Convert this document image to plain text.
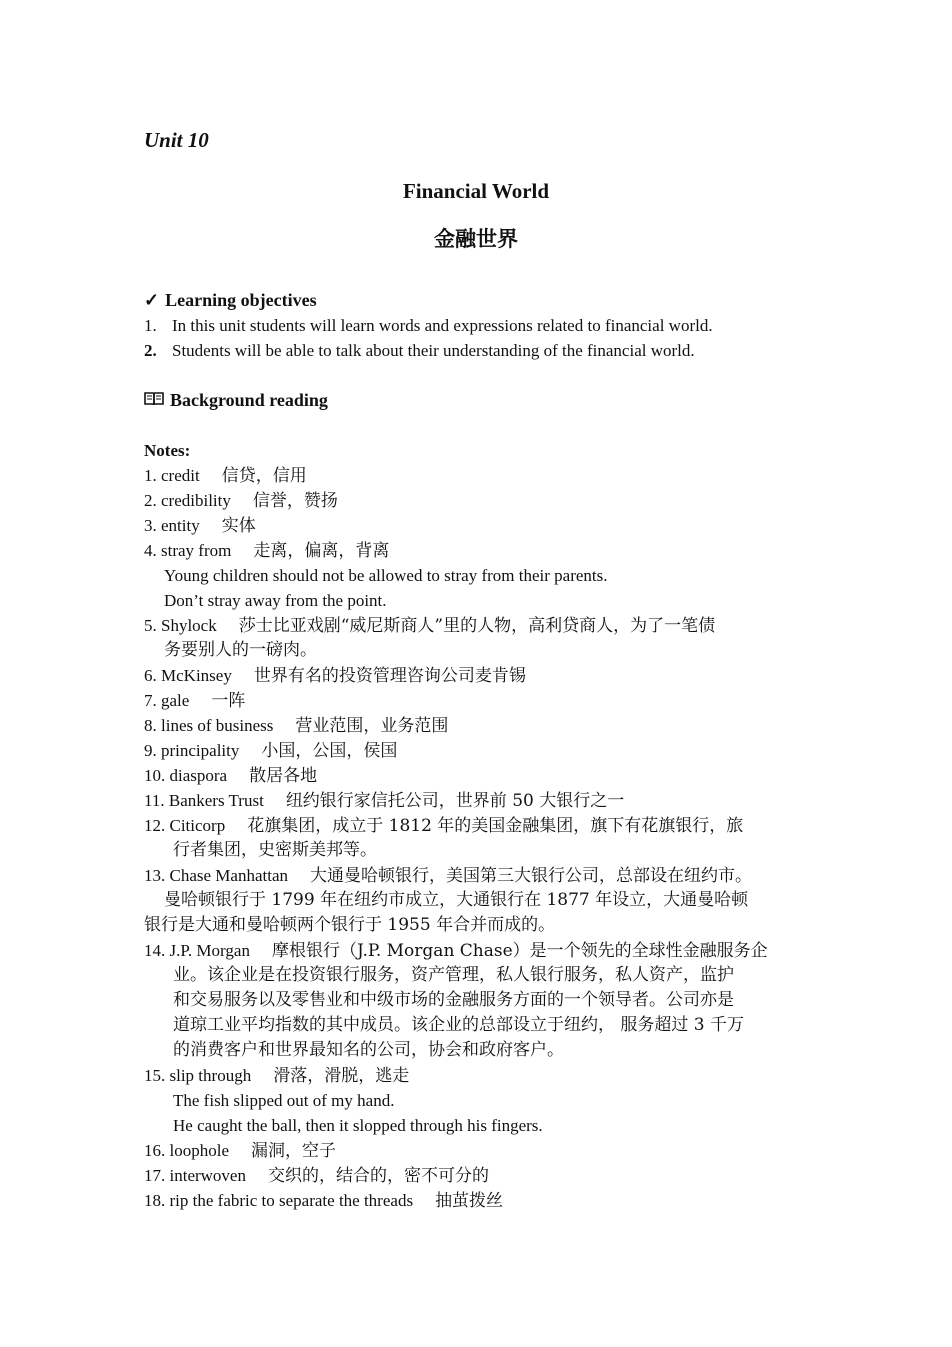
Unit 10
Financial World
金融世界
✓ Learning objectives
1. In this unit students will learn words and expressions related to financial world.
2. Students will be able to talk about their understanding of the financial world.
Background reading
Notes:
1. credit 信贷，信用
2. credibility 信誉，赞扬
3. entity 实体
4. stray from 走离，偏离，背离
Young children should not be allowed to stray from their parents.
Don’t stray away from the point.
5. Shylock 莎士比亚戏剧“威尼斯商人”里的人物，高利贷商人，为了一笔债
务要别人的一磅肉。
6. McKinsey 世界有名的投资管理咨询公司麦肯锡
7. gale 一阵
8. lines of business 营业范围，业务范围
9. principality 小国，公国，侯国
10. diaspora 散居各地
11. Bankers Trust 纽约银行家信托公司，世界前 50 大银行之一
12. Citicorp 花旗集团，成立于 1812 年的美国金融集团，旗下有花旗银行，旅
行者集团，史密斯美邦等。
13. Chase Manhattan 大通曼哈顿银行，美国第三大银行公司，总部设在纽约市。
曼哈顿银行于 1799 年在纽约市成立，大通银行在 1877 年设立，大通曼哈顿
银行是大通和曼哈顿两个银行于 1955 年合并而成的。
14. J.P. Morgan 摩根银行（J.P. Morgan Chase）是一个领先的全球性金融服务企
业。该企业是在投资银行服务，资产管理，私人银行服务，私人资产，监护
和交易服务以及零售业和中级市场的金融服务方面的一个领导者。公司亦是
道琼工业平均指数的其中成员。该企业的总部设立于纽约， 服务超过 3 千万
的消费客户和世界最知名的公司，协会和政府客户。
15. slip through 滑落，滑脱，逃走
The fish slipped out of my hand.
He caught the ball, then it slopped through his fingers.
16. loophole 漏洞，空子
17. interwoven 交织的，结合的，密不可分的
18. rip the fabric to separate the threads 抽茧拨丝
